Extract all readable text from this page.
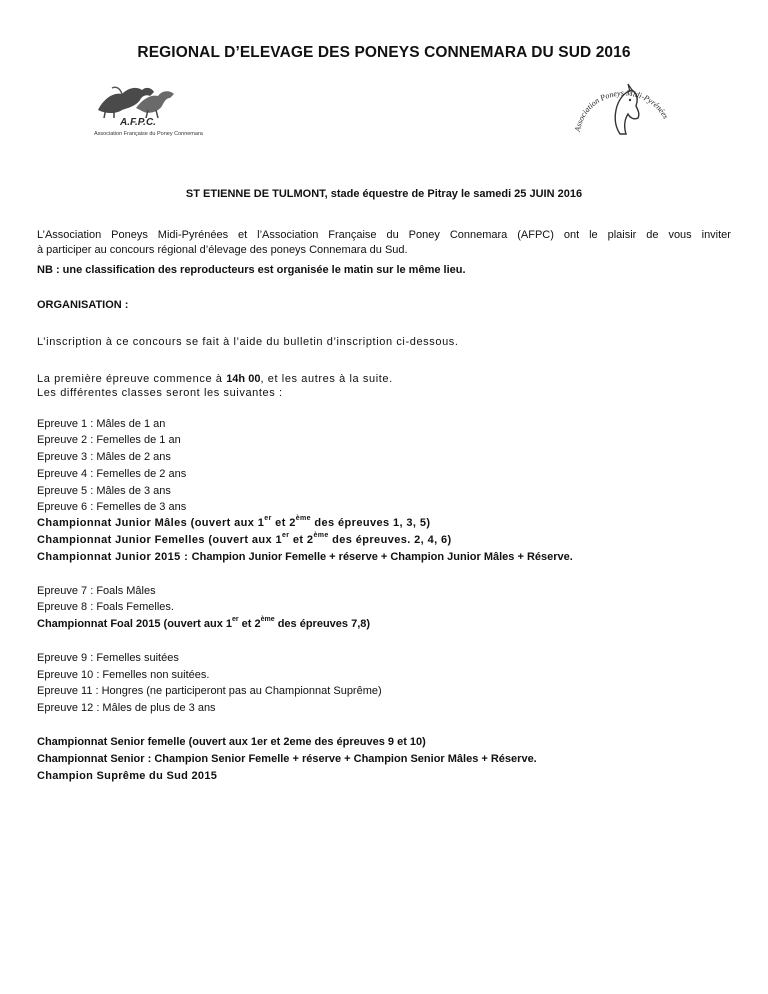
REGIONAL D’ELEVAGE DES PONEYS CONNEMARA DU SUD 2016
A.F.P.C.
Association Française du Poney Connemara
Association Poneys Midi-Pyrénées
ST ETIENNE DE TULMONT, stade équestre de Pitray le samedi 25 JUIN 2016
L’Association Poneys Midi-Pyrénées et l’Association Française du Poney Connemara (AFPC) ont le plaisir de vous inviter
à participer au concours régional d’élevage des poneys Connemara du Sud.
NB : une classification des reproducteurs est organisée le matin sur le même lieu.
ORGANISATION :
L’inscription à ce concours se fait à l’aide du bulletin d’inscription ci-dessous.
La première épreuve commence à 14h 00, et les autres à la suite.
Les différentes classes seront les suivantes :
Epreuve 1 : Mâles de 1 an
Epreuve 2 : Femelles de 1 an
Epreuve 3 : Mâles de 2 ans
Epreuve 4 : Femelles de 2 ans
Epreuve 5 : Mâles de 3 ans
Epreuve 6 : Femelles de 3 ans
Championnat Junior Mâles (ouvert aux 1er et 2ème des épreuves 1, 3, 5)
Championnat Junior Femelles (ouvert aux 1er et 2ème des épreuves. 2, 4, 6)
Championnat Junior 2015 : Champion Junior Femelle + réserve + Champion Junior Mâles + Réserve.
Epreuve 7 : Foals Mâles
Epreuve 8 : Foals Femelles.
Championnat Foal 2015 (ouvert aux 1er et 2ème des épreuves 7,8)
Epreuve 9 : Femelles suitées
Epreuve 10 : Femelles non suitées.
Epreuve 11 : Hongres (ne participeront pas au Championnat Suprême)
Epreuve 12 : Mâles de plus de 3 ans
Championnat Senior femelle (ouvert aux 1er et 2eme des épreuves 9 et 10)
Championnat Senior : Champion Senior Femelle + réserve + Champion Senior Mâles + Réserve.
Champion Suprême du Sud 2015
